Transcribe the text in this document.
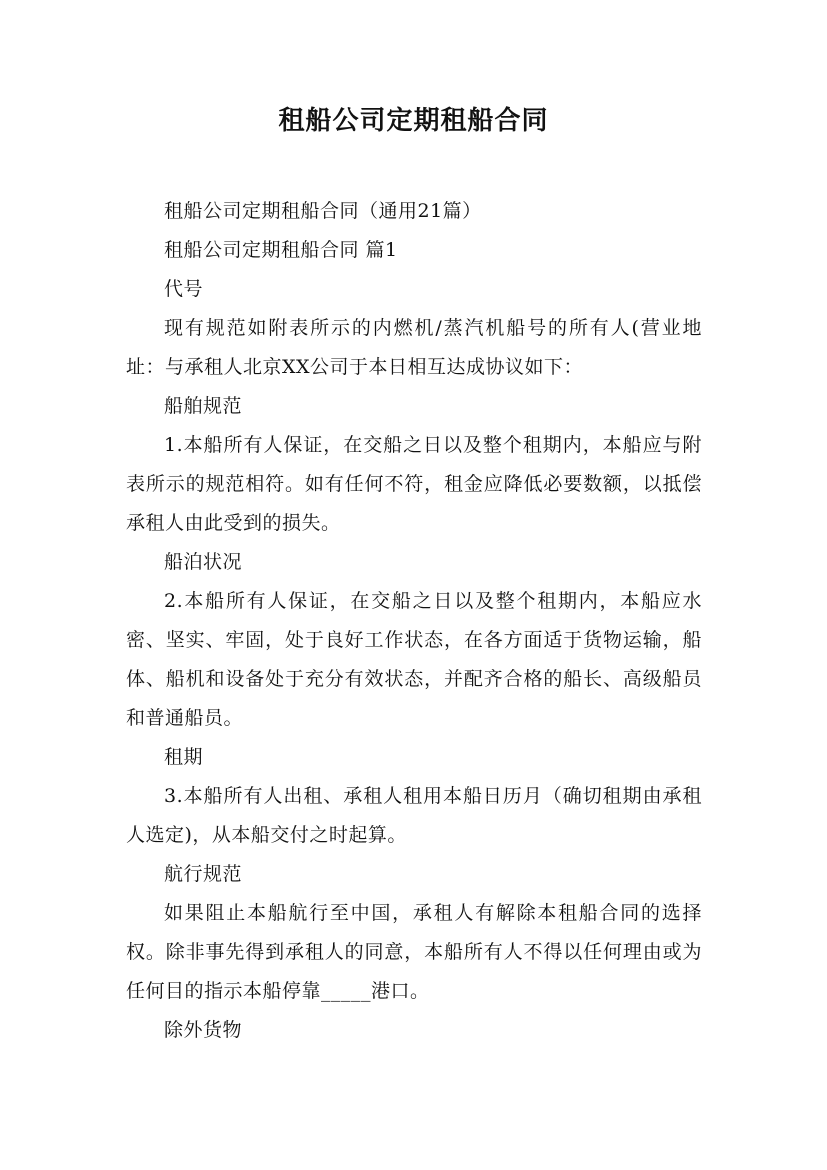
租船公司定期租船合同

租船公司定期租船合同（通用21篇）

租船公司定期租船合同 篇1

代号

现有规范如附表所示的内燃机/蒸汽机船号的所有人(营业地址：与承租人北京XX公司于本日相互达成协议如下：

船舶规范

1.本船所有人保证，在交船之日以及整个租期内，本船应与附表所示的规范相符。如有任何不符，租金应降低必要数额，以抵偿承租人由此受到的损失。

船泊状况

2.本船所有人保证，在交船之日以及整个租期内，本船应水密、坚实、牢固，处于良好工作状态，在各方面适于货物运输，船体、船机和设备处于充分有效状态，并配齐合格的船长、高级船员和普通船员。

租期

3.本船所有人出租、承租人租用本船日历月（确切租期由承租人选定)，从本船交付之时起算。

航行规范

如果阻止本船航行至中国，承租人有解除本租船合同的选择权。除非事先得到承租人的同意，本船所有人不得以任何理由或为任何目的指示本船停靠_____港口。

除外货物
